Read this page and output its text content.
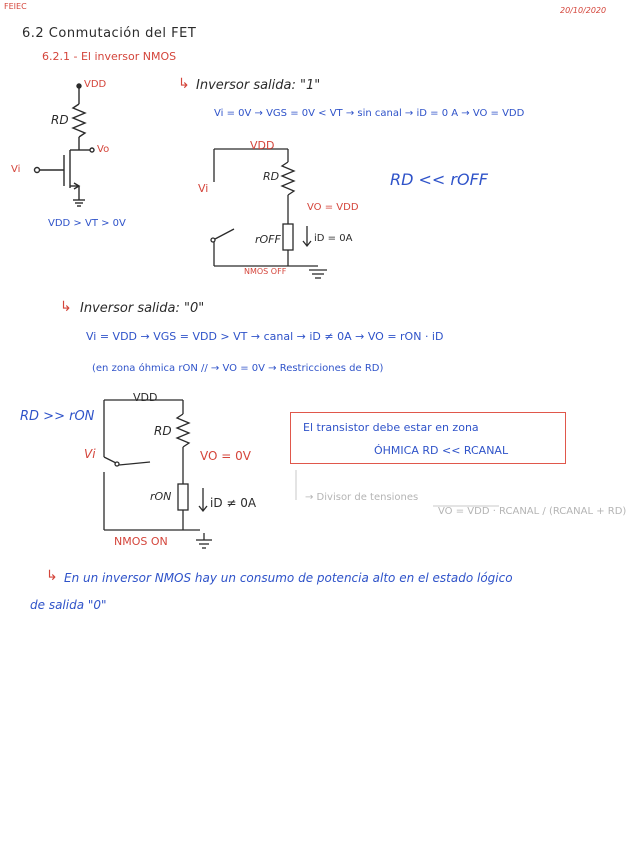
FEIEC	20/10/2020
6.2 Conmutación del FET
6.2.1 - El inversor NMOS
VDD
RD
Vo
Vi
VDD > VT > 0V
↳ Inversor salida: "1"
Vi = 0V → VGS = 0V < VT → sin canal → iD = 0 A → VO = VDD
RD << rOFF
VDD
RD
Vi
VO = VDD
rOFF	iD = 0A
NMOS OFF
↳ Inversor salida: "0"
Vi = VDD → VGS = VDD > VT → canal → iD ≠ 0A → VO = rON · iD
(en zona óhmica rON // → VO = 0V → Restricciones de RD)
RD >> rON
VDD
RD
Vi	VO = 0V
rON	iD ≠ 0A
NMOS ON
El transistor debe estar en zona
ÓHMICA RD << RCANAL
→ Divisor de tensiones
VO = VDD · RCANAL / (RCANAL + RD)
↳ En un inversor NMOS hay un consumo de potencia alto en el estado lógico
de salida "0"
